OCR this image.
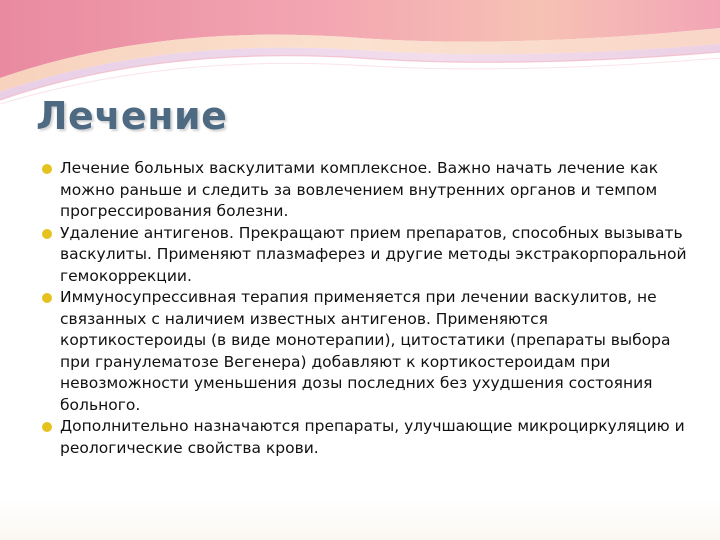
Лечение
Лечение больных васкулитами комплексное. Важно начать лечение как можно раньше и следить за вовлечением внутренних органов и темпом прогрессирования болезни.
Удаление антигенов. Прекращают прием препаратов, способных вызывать васкулиты. Применяют плазмаферез и другие методы экстракорпоральной гемокоррекции.
Иммуносупрессивная терапия применяется при лечении васкулитов, не связанных с наличием известных антигенов. Применяются кортикостероиды (в виде монотерапии), цитостатики (препараты выбора при гранулематозе Вегенера) добавляют к кортикостероидам при невозможности уменьшения дозы последних без ухудшения состояния больного.
Дополнительно назначаются препараты, улучшающие микроциркуляцию и реологические свойства крови.
